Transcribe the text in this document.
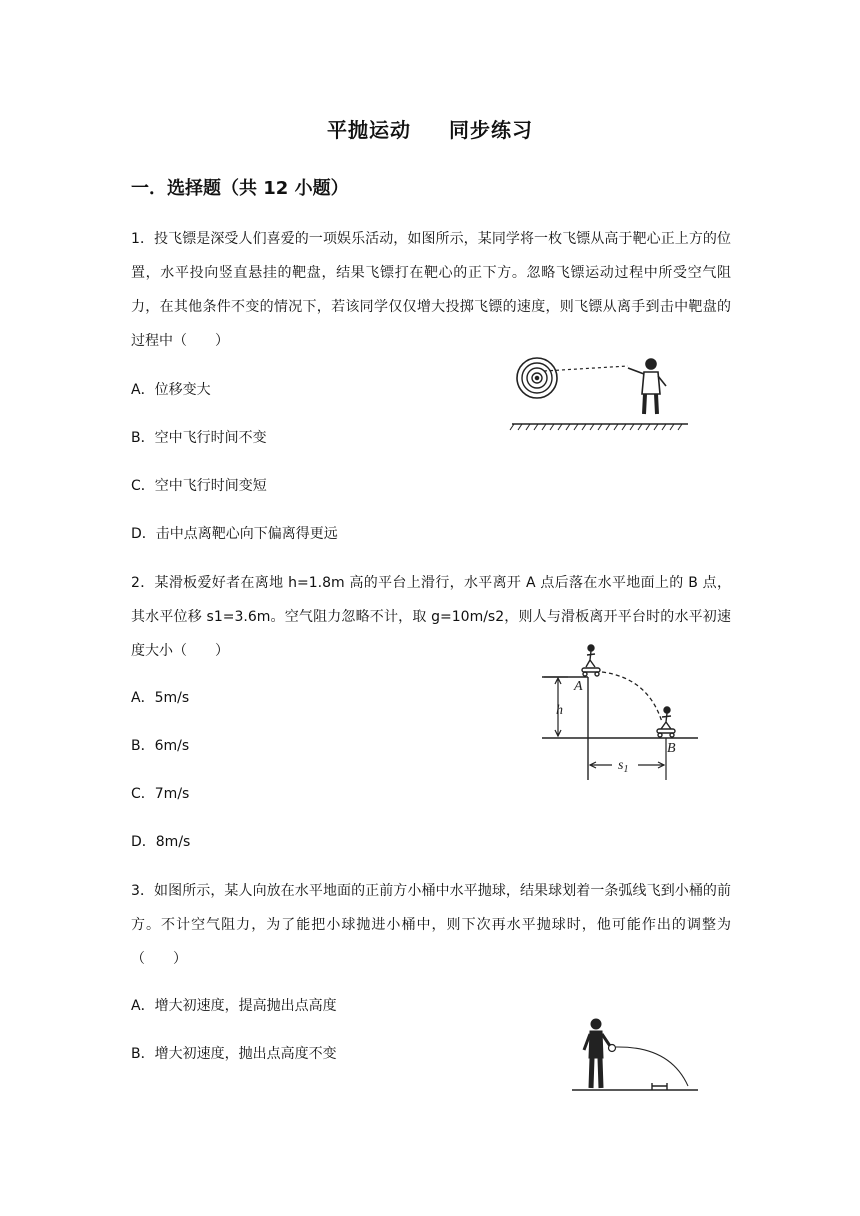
平抛运动 同步练习
一．选择题（共 12 小题）
1．投飞镖是深受人们喜爱的一项娱乐活动，如图所示，某同学将一枚飞镖从高于靶心正上方的位置，水平投向竖直悬挂的靶盘，结果飞镖打在靶心的正下方。忽略飞镖运动过程中所受空气阻力，在其他条件不变的情况下，若该同学仅仅增大投掷飞镖的速度，则飞镖从离手到击中靶盘的过程中（　　）
A．位移变大
B．空中飞行时间不变
C．空中飞行时间变短
D．击中点离靶心向下偏离得更远
2．某滑板爱好者在离地 h=1.8m 高的平台上滑行，水平离开 A 点后落在水平地面上的 B 点，其水平位移 s1=3.6m。空气阻力忽略不计，取 g=10m/s2，则人与滑板离开平台时的水平初速度大小（　　）
A．5m/s
B．6m/s
C．7m/s
D．8m/s
h
A
B
$s_1$
3．如图所示，某人向放在水平地面的正前方小桶中水平抛球，结果球划着一条弧线飞到小桶的前方。不计空气阻力，为了能把小球抛进小桶中，则下次再水平抛球时，他可能作出的调整为（　　）
A．增大初速度，提高抛出点高度
B．增大初速度，抛出点高度不变
